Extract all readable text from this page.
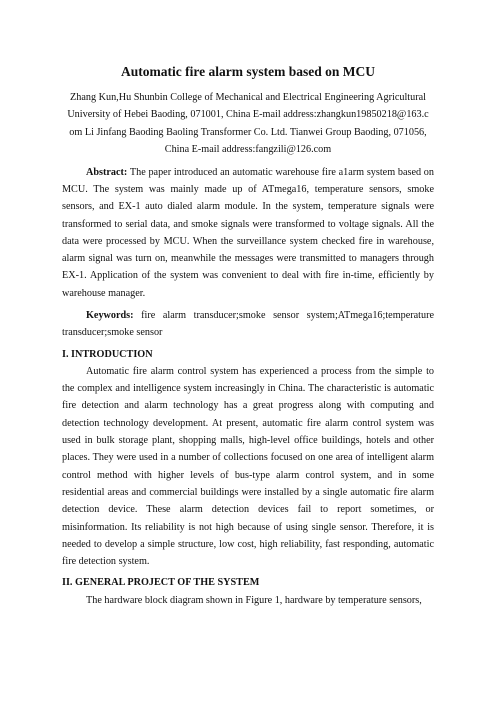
Automatic fire alarm system based on MCU
Zhang Kun,Hu Shunbin College of Mechanical and Electrical Engineering Agricultural
University of Hebei Baoding, 071001, China E-mail address:zhangkun19850218@163.c
om Li Jinfang Baoding Baoling Transformer Co. Ltd. Tianwei Group Baoding, 071056,
China E-mail address:fangzili@126.com

Abstract: The paper introduced an automatic warehouse fire a1arm system based on MCU. The system was mainly made up of ATmega16, temperature sensors, smoke sensors, and EX-1 auto dialed alarm module. In the system, temperature signals were transformed to serial data, and smoke signals were transformed to voltage signals. All the data were processed by MCU. When the surveillance system checked fire in warehouse, alarm signal was turn on, meanwhile the messages were transmitted to managers through EX-1. Application of the system was convenient to deal with fire in-time, efficiently by warehouse manager.

Keywords: fire alarm transducer;smoke sensor system;ATmega16;temperature transducer;smoke sensor

I. INTRODUCTION

Automatic fire alarm control system has experienced a process from the simple to the complex and intelligence system increasingly in China. The characteristic is automatic fire detection and alarm technology has a great progress along with computing and detection technology development. At present, automatic fire alarm control system was used in bulk storage plant, shopping malls, high-level office buildings, hotels and other places. They were used in a number of collections focused on one area of intelligent alarm control method with higher levels of bus-type alarm control system, and in some residential areas and commercial buildings were installed by a single automatic fire alarm detection device. These alarm detection devices fail to report sometimes, or misinformation. Its reliability is not high because of using single sensor. Therefore, it is needed to develop a simple structure, low cost, high reliability, fast responding, automatic fire detection system.

II. GENERAL PROJECT OF THE SYSTEM

The hardware block diagram shown in Figure 1, hardware by temperature sensors,
